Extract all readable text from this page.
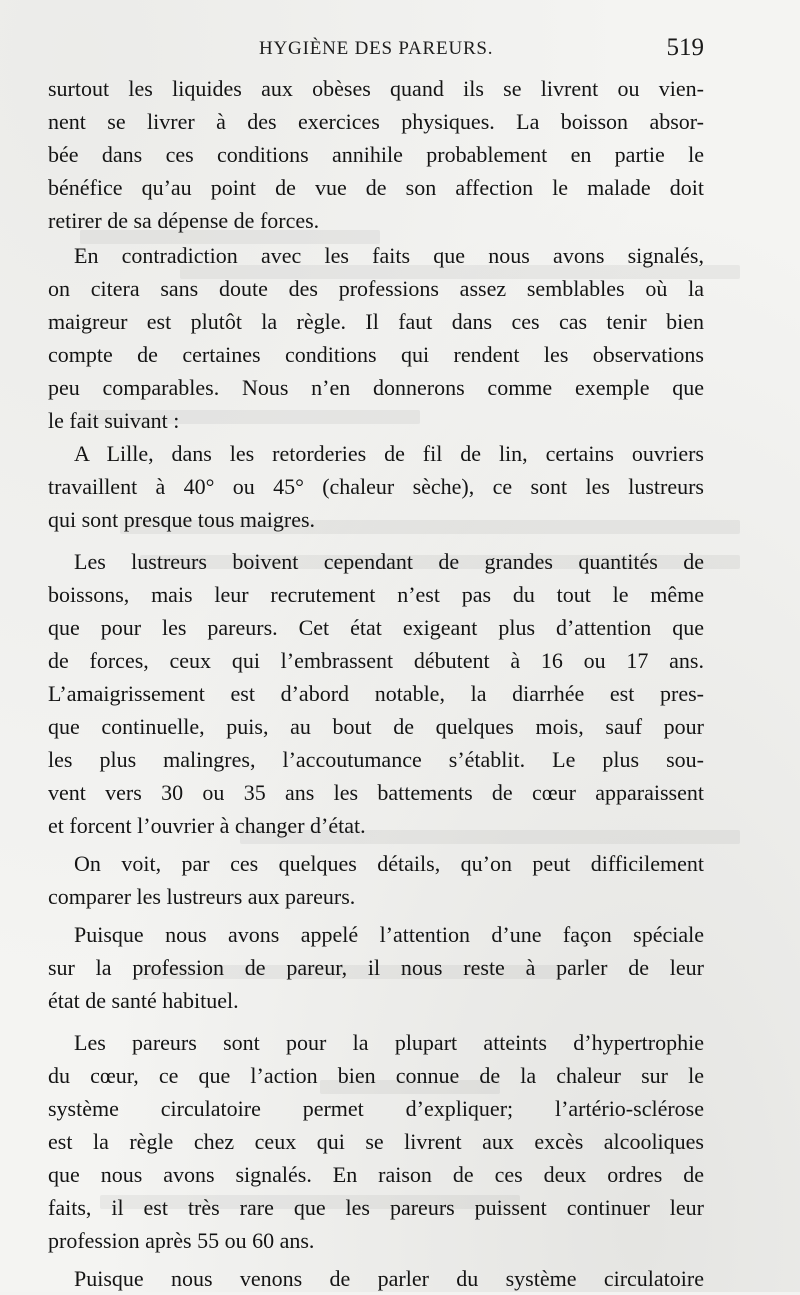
HYGIÈNE DES PAREURS.	519
surtout les liquides aux obèses quand ils se livrent ou vien-
nent se livrer à des exercices physiques. La boisson absor-
bée dans ces conditions annihile probablement en partie le
bénéfice qu’au point de vue de son affection le malade doit
retirer de sa dépense de forces.
En contradiction avec les faits que nous avons signalés,
on citera sans doute des professions assez semblables où la
maigreur est plutôt la règle. Il faut dans ces cas tenir bien
compte de certaines conditions qui rendent les observations
peu comparables. Nous n’en donnerons comme exemple que
le fait suivant :
A Lille, dans les retorderies de fil de lin, certains ouvriers
travaillent à 40° ou 45° (chaleur sèche), ce sont les lustreurs
qui sont presque tous maigres.
Les lustreurs boivent cependant de grandes quantités de
boissons, mais leur recrutement n’est pas du tout le même
que pour les pareurs. Cet état exigeant plus d’attention que
de forces, ceux qui l’embrassent débutent à 16 ou 17 ans.
L’amaigrissement est d’abord notable, la diarrhée est pres-
que continuelle, puis, au bout de quelques mois, sauf pour
les plus malingres, l’accoutumance s’établit. Le plus sou-
vent vers 30 ou 35 ans les battements de cœur apparaissent
et forcent l’ouvrier à changer d’état.
On voit, par ces quelques détails, qu’on peut difficilement
comparer les lustreurs aux pareurs.
Puisque nous avons appelé l’attention d’une façon spéciale
sur la profession de pareur, il nous reste à parler de leur
état de santé habituel.
Les pareurs sont pour la plupart atteints d’hypertrophie
du cœur, ce que l’action bien connue de la chaleur sur le
système circulatoire permet d’expliquer; l’artério-sclérose
est la règle chez ceux qui se livrent aux excès alcooliques
que nous avons signalés. En raison de ces deux ordres de
faits, il est très rare que les pareurs puissent continuer leur
profession après 55 ou 60 ans.
Puisque nous venons de parler du système circulatoire
